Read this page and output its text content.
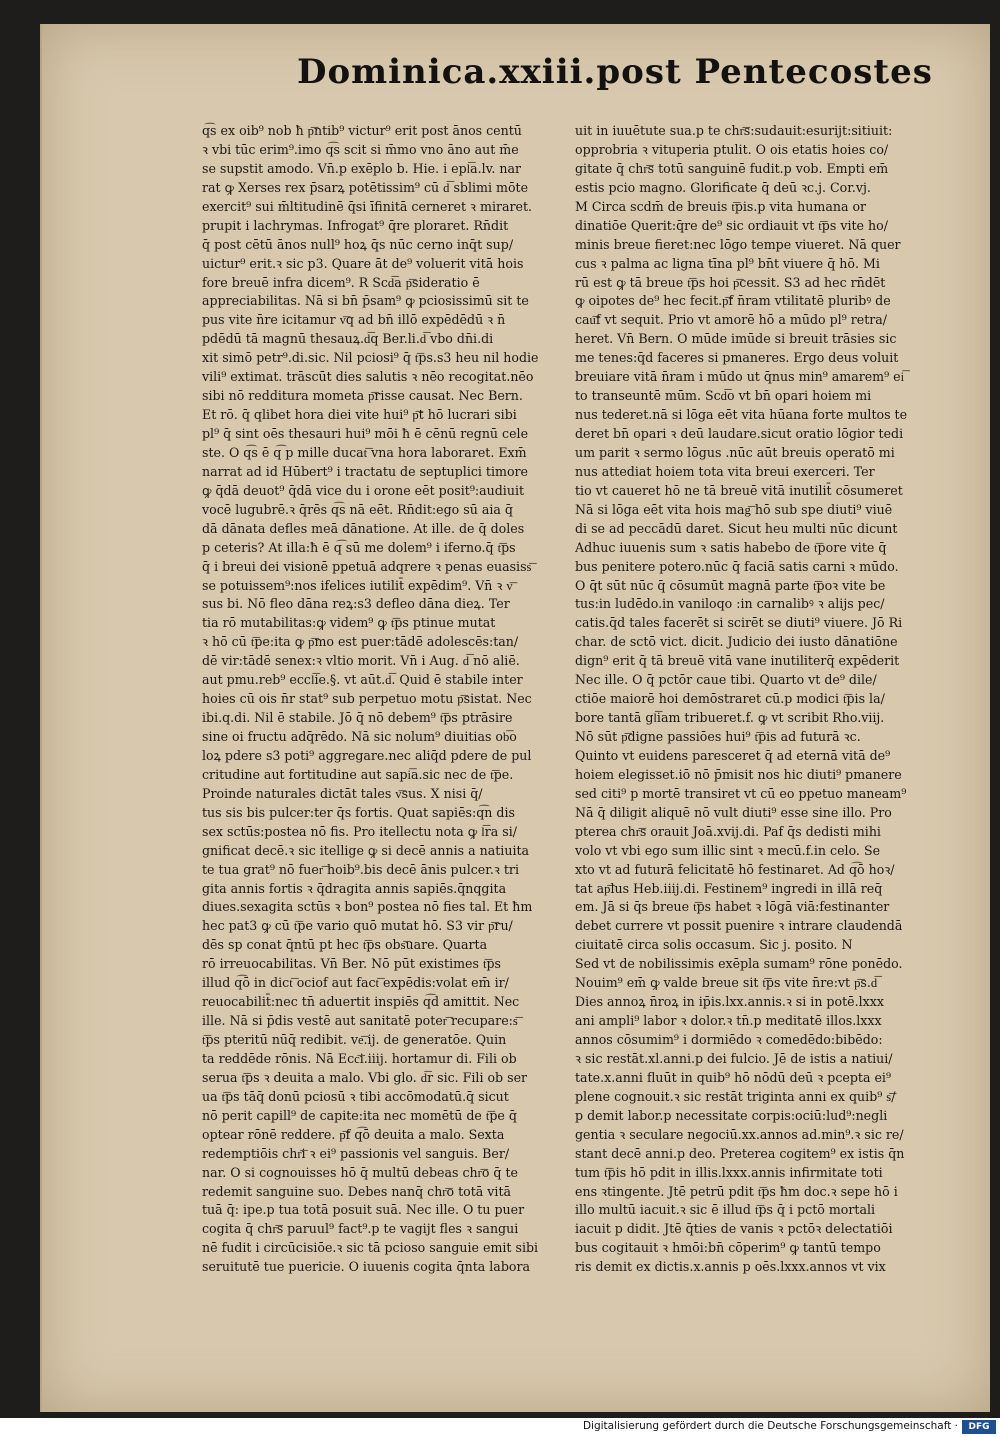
Dominica.xxiii.post Pentecostes
q͡s ex oib⁹ nob ħ p͞ntib⁹ victur⁹ erit post ānos centū
ꝛ vbi tūc erim⁹.imo q͡s scit si m̄mo vno āno aut m̄e
se supstit amodo. Vn̄.p exēplo b. Hie. i epl͞a.lv. nar
rat ꝙ Xerses rex p̄sarꝝ potētissim⁹ cū d͞ sblimi mōte
exercit⁹ sui m̄ltitudinē q̄si īfinitā cerneret ꝛ miraret.
prupit i lachrymas. Infrogat⁹ q̄re ploraret. Rn̄dit
q̄ post cētū ānos null⁹ hoꝝ q̄s nūc cerno inq̄t sup/
uictur⁹ erit.ꝛ sic p3. Quare āt de⁹ voluerit vitā hois
fore breuē infra dicem⁹. R Scd͞a p͞sideratio ē
appreciabilitas. Nā si bn̄ p̄sam⁹ ꝙ pciosissimū sit te
pus vite n̄re icitamur v͞q ad bn̄ illō expēdēdū ꝛ n̄
pdēdū tā magnū thesauꝝ.d͞q Ber.li.d͞ vbo dn̄i.di
xit simō petr⁹.di.sic. Nil pciosi⁹ q̄ t͞ps.s3 heu nil hodie
vili⁹ extimat. trāscūt dies salutis ꝛ nēo recogitat.nēo
sibi nō redditura mometa p͞risse causat. Nec Bern.
Et rō. q̄ qlibet hora diei vite hui⁹ p͞t hō lucrari sibi
pl⁹ q̄ sint oēs thesauri hui⁹ mōi ħ ē cēnū regnū cele
ste. O q͡s ē q͡ p mille ducat͞ vna hora laboraret. Exm̄
narrat ad id Hūbert⁹ i tractatu de septuplici timore
ꝙ q̄dā deuot⁹ q̄dā vice du i orone eēt posit⁹:audiuit
vocē lugubrē.ꝛ q̄rēs q͡s nā eēt. Rn̄dit:ego sū aia q̄
dā dānata defles meā dānatione. At ille. de q̄ doles
p ceteris? At illa:ħ ē q͡ sū me dolem⁹ i iferno.q̄ t͞ps
q̄ i breui dei visionē ppetuā adqrere ꝛ penas euasiss͞
se potuissem⁹:nos ifelices iutilit̄ expēdim⁹. Vn̄ ꝛ v͞
sus bi. Nō fleo dāna reꝝ:s3 defleo dāna dieꝝ. Ter
tia rō mutabilitas:ꝙ videm⁹ ꝙ t͞ps ptinue mutat
ꝛ hō cū t͞pe:ita ꝙ p͞mo est puer:tādē̄ adolescēs:tan/
dē vir:tādē senex:ꝛ vltio morit. Vn̄ i Aug. d͞ nō aliē.
aut pmu.reb⁹ eccl͞ie.§. vt aūt.d͞. Quid ē stabile inter
hoies cū ois n̄r stat⁹ sub perpetuo motu p͞sistat. Nec
ibi.q.di. Nil ē stabile. Jō q̄ nō debem⁹ t͞ps ptrāsire
sine oi fructu adq̄rēdo. Nā sic nolum⁹ diuitias ob͞o
loꝝ pdere s3 poti⁹ aggregare.nec aliq̄d pdere de pul
critudine aut fortitudine aut sapi͞a.sic nec de t͞pe.
Proinde naturales dictāt tales v͞sus. X nisi q̄/
tus sis bis pulcer:ter q̄s fortis. Quat sapiēs:q͡n dis
sex sctūs:postea nō fis. Pro itellectu nota ꝙ l͞ra si/
gnificat decē.ꝛ sic itellige ꝙ si decē annis a natiuita
te tua grat⁹ nō fuer͞ hoib⁹.bis decē ānis pulcer.ꝛ tri
gita annis fortis ꝛ q̄dragita annis sapiēs.q̄nqgita
diues.sexagita sctūs ꝛ bon⁹ postea nō fies tal. Et ħm
hec pat3 ꝙ cū t͞pe vario quō mutat hō. S3 vir p͞ru/
dēs sp conat q̄ntū pt hec t͞ps obs͞uare. Quarta
rō irreuocabilitas. Vn̄ Ber. Nō pūt existimes t͞ps
illud q͡ō in dict͞ ociof aut fact͞ expēdis:volat em̄ ir/
reuocabilit̄:nec tn̄ aduertit inspiēs q͡d amittit. Nec
ille. Nā si p̄dis vestē aut sanitatē poter͞ recupare:s͞
t͞ps pteritū nūq̄ redibit. ve͞.ij. de generatōe. Quin
ta reddēde rōnis. Nā Ecc͞i.iiij. hortamur di. Fili ob
serua t͞ps ꝛ deuita a malo. Vbi glo. d͞r sic. Fili ob ser
ua t͞ps tāq̄ donū pciosū ꝛ tibi accōmodatū.q̄ sicut
nō perit capill⁹ de capite:ita nec momētū de t͞pe q̄
optear rōnē reddere. p͞f q͡ō deuita a malo. Sexta
redemptiōis chr͞i ꝛ ei⁹ passionis vel sanguis. Ber/
nar. O si cognouisses hō q̄ multū debeas chr͞o q̄ te
redemit sanguine suo. Debes nanq̄ chr͞o totā vitā
tuā q̄: ipe.p tua totā posuit suā. Nec ille. O tu puer
cogita q̄ chr͞s paruul⁹ fact⁹.p te vagijt fles ꝛ sangui
nē fudit i circūcisiōe.ꝛ sic tā pcioso sanguie emit sibi
seruitutē tue puericie. O iuuenis cogita q̄nta labora
uit in iuuētute sua.p te chr͞s:sudauit:esurijt:sitiuit:
opprobria ꝛ vituperia ptulit. O ois etatis hoies co/
gitate q̄ chr͞s totū sanguinē fudit.p vob. Empti em̄
estis pcio magno. Glorificate q̄ deū ꝛc.j. Cor.vj.
M Circa scdm̄ de breuis t͞pis.p vita humana or
dinatiōe Querit:q̄re de⁹ sic ordiauit vt t͞ps vite ho/
minis breue fieret:nec lōgo tempe viueret. Nā quer
cus ꝛ palma ac ligna tīna pl⁹ bn̄t viuere q̄ hō. Mi
rū est ꝙ tā breue t͞ps hoi p͞cessit. S3 ad hec rn̄dēt
ꝙ oipotes de⁹ hec fecit.p͞f n̄ram vtilitatē pluribꝰ de
cau͞f vt sequit. Prio vt amorē hō a mūdo pl⁹ retra/
heret. Vn̄ Bern. O mūde imūde si breuit trāsies sic
me tenes:q̄d faceres si pmaneres. Ergo deus voluit
breuiare vitā n̄ram i mūdo ut q̄nus min⁹ amarem⁹ ei͞
to transeuntē mūm. Scd͞o vt bn̄ opari hoiem mi
nus tederet.nā si lōga eēt vita hūana forte multos te
deret bn̄ opari ꝛ deū laudare.sicut oratio lōgior tedi
um parit ꝛ sermo lōgus .nūc aūt breuis operatō mi
nus attediat hoiem tota vita breui exerceri. Ter
tio vt caueret hō ne tā breuē vitā inutilit̄ cōsumeret
Nā si lōga eēt vita hois mag͞ hō sub spe diuti⁹ viuē
di se ad peccādū daret. Sicut heu multi nūc dicunt
Adhuc iuuenis sum ꝛ satis habebo de t͞pore vite q̄
bus penitere potero.nūc q̄ faciā satis carni ꝛ mūdo.
O q̄t sūt nūc q̄ cōsumūt magnā parte t͞poꝛ vite be
tus:in ludēdo.in vaniloqo :in carnalibꝰ ꝛ alijs pec/
catis.q̄d tales facerēt si scirēt se diuti⁹ viuere. Jō Ri
char. de sctō vict. dicit. Judicio dei iusto dānatiōne
dign⁹ erit q̄ tā breuē vitā vane inutiliterq̄ expēderit
Nec ille. O q̄ pctōr caue tibi. Quarto vt de⁹ dile/
ctiōe maiorē hoi demōstraret cū.p modici t͞pis la/
bore tantā gl͞iam tribueret.f. ꝙ vt scribit Rho.viij.
Nō sūt p͞digne passiōes hui⁹ t͞pis ad futurā ꝛc.
Quinto vt euidens paresceret q̄ ad eternā vitā de⁹
hoiem elegisset.iō nō p̄misit nos hic diuti⁹ pmanere
sed citi⁹ p mortē transiret vt cū eo ppetuo maneam⁹
Nā q̄ diligit aliquē nō vult diuti⁹ esse sine illo. Pro
pterea chr͞s orauit Joā.xvij.di. Paf q̄s dedisti mihi
volo vt vbi ego sum illic sint ꝛ mecū.f.in celo. Se
xto vt ad futurā felicitatē hō festinaret. Ad q͡ō hoꝛ/
tat ap͞lus Heb.iiij.di. Festinem⁹ ingredi in illā req̄
em. Jā si q̄s breue t͞ps habet ꝛ lōgā viā:festinanter
debet currere vt possit puenire ꝛ intrare claudendā
ciuitatē circa solis occasum. Sic j. posito. N
Sed vt de nobilissimis exēpla sumam⁹ rōne ponēdo.
Nouim⁹ em̄ ꝙ valde breue sit t͞ps vite n̄re:vt p͞s.d͞
Dies annoꝝ n̄roꝝ in ip̄is.lxx.annis.ꝛ si in potē.lxxx
ani ampli⁹ labor ꝛ dolor.ꝛ tn̄.p meditatē illos.lxxx
annos cōsumim⁹ i dormiēdo ꝛ comedēdo:bibēdo:
ꝛ sic restāt.xl.anni.p dei fulcio. Jē de istis a natiui/
tate.x.anni fluūt in quib⁹ hō nōdū deū ꝛ pcepta ei⁹
plene cognouit.ꝛ sic restāt triginta anni ex quib⁹ s͞/
p demit labor.p necessitate corpis:ociū:lud⁹:negli
gentia ꝛ seculare negociū.xx.annos ad.min⁹.ꝛ sic re/
stant decē anni.p deo. Preterea cogitem⁹ ex istis q̄n
tum t͞pis hō pdit in illis.lxxx.annis infirmitate toti
ens ꝛtingente. Jtē petrū pdit t͞ps ħm doc.ꝛ sepe hō i
illo multū iacuit.ꝛ sic ē illud t͞ps q̄ i pctō mortali
iacuit p didit. Jtē q̄ties de vanis ꝛ pctōꝛ delectatiōi
bus cogitauit ꝛ hmōi:bn̄ cōperim⁹ ꝙ tantū tempo
ris demit ex dictis.x.annis p oēs.lxxx.annos vt vix
Digitalisierung gefördert durch die Deutsche Forschungsgemeinschaft ·	DFG
